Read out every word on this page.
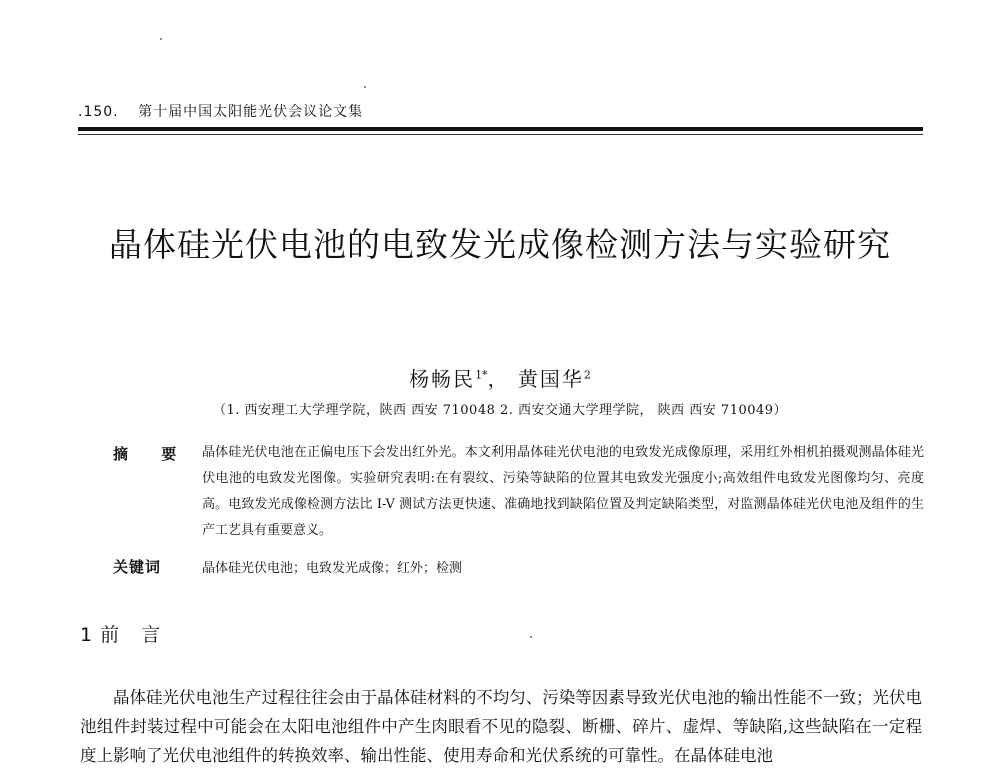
.150. 第十届中国太阳能光伏会议论文集
晶体硅光伏电池的电致发光成像检测方法与实验研究
杨畅民$^{1*}$， 黄国华$^2$
（1. 西安理工大学理学院，陕西 西安 710048 2. 西安交通大学理学院， 陕西 西安 710049）
摘 要 晶体硅光伏电池在正偏电压下会发出红外光。本文利用晶体硅光伏电池的电致发光成像原理，采用红外相机拍摄观测晶体硅光伏电池的电致发光图像。实验研究表明:在有裂纹、污染等缺陷的位置其电致发光强度小;高效组件电致发光图像均匀、亮度高。电致发光成像检测方法比 I-V 测试方法更快速、准确地找到缺陷位置及判定缺陷类型，对监测晶体硅光伏电池及组件的生产工艺具有重要意义。
关键词	晶体硅光伏电池；电致发光成像；红外；检测
1 前言
晶体硅光伏电池生产过程往往会由于晶体硅材料的不均匀、污染等因素导致光伏电池的输出性能不一致；光伏电池组件封装过程中可能会在太阳电池组件中产生肉眼看不见的隐裂、断栅、碎片、虚焊、等缺陷,这些缺陷在一定程度上影响了光伏电池组件的转换效率、输出性能、使用寿命和光伏系统的可靠性。在晶体硅电池
